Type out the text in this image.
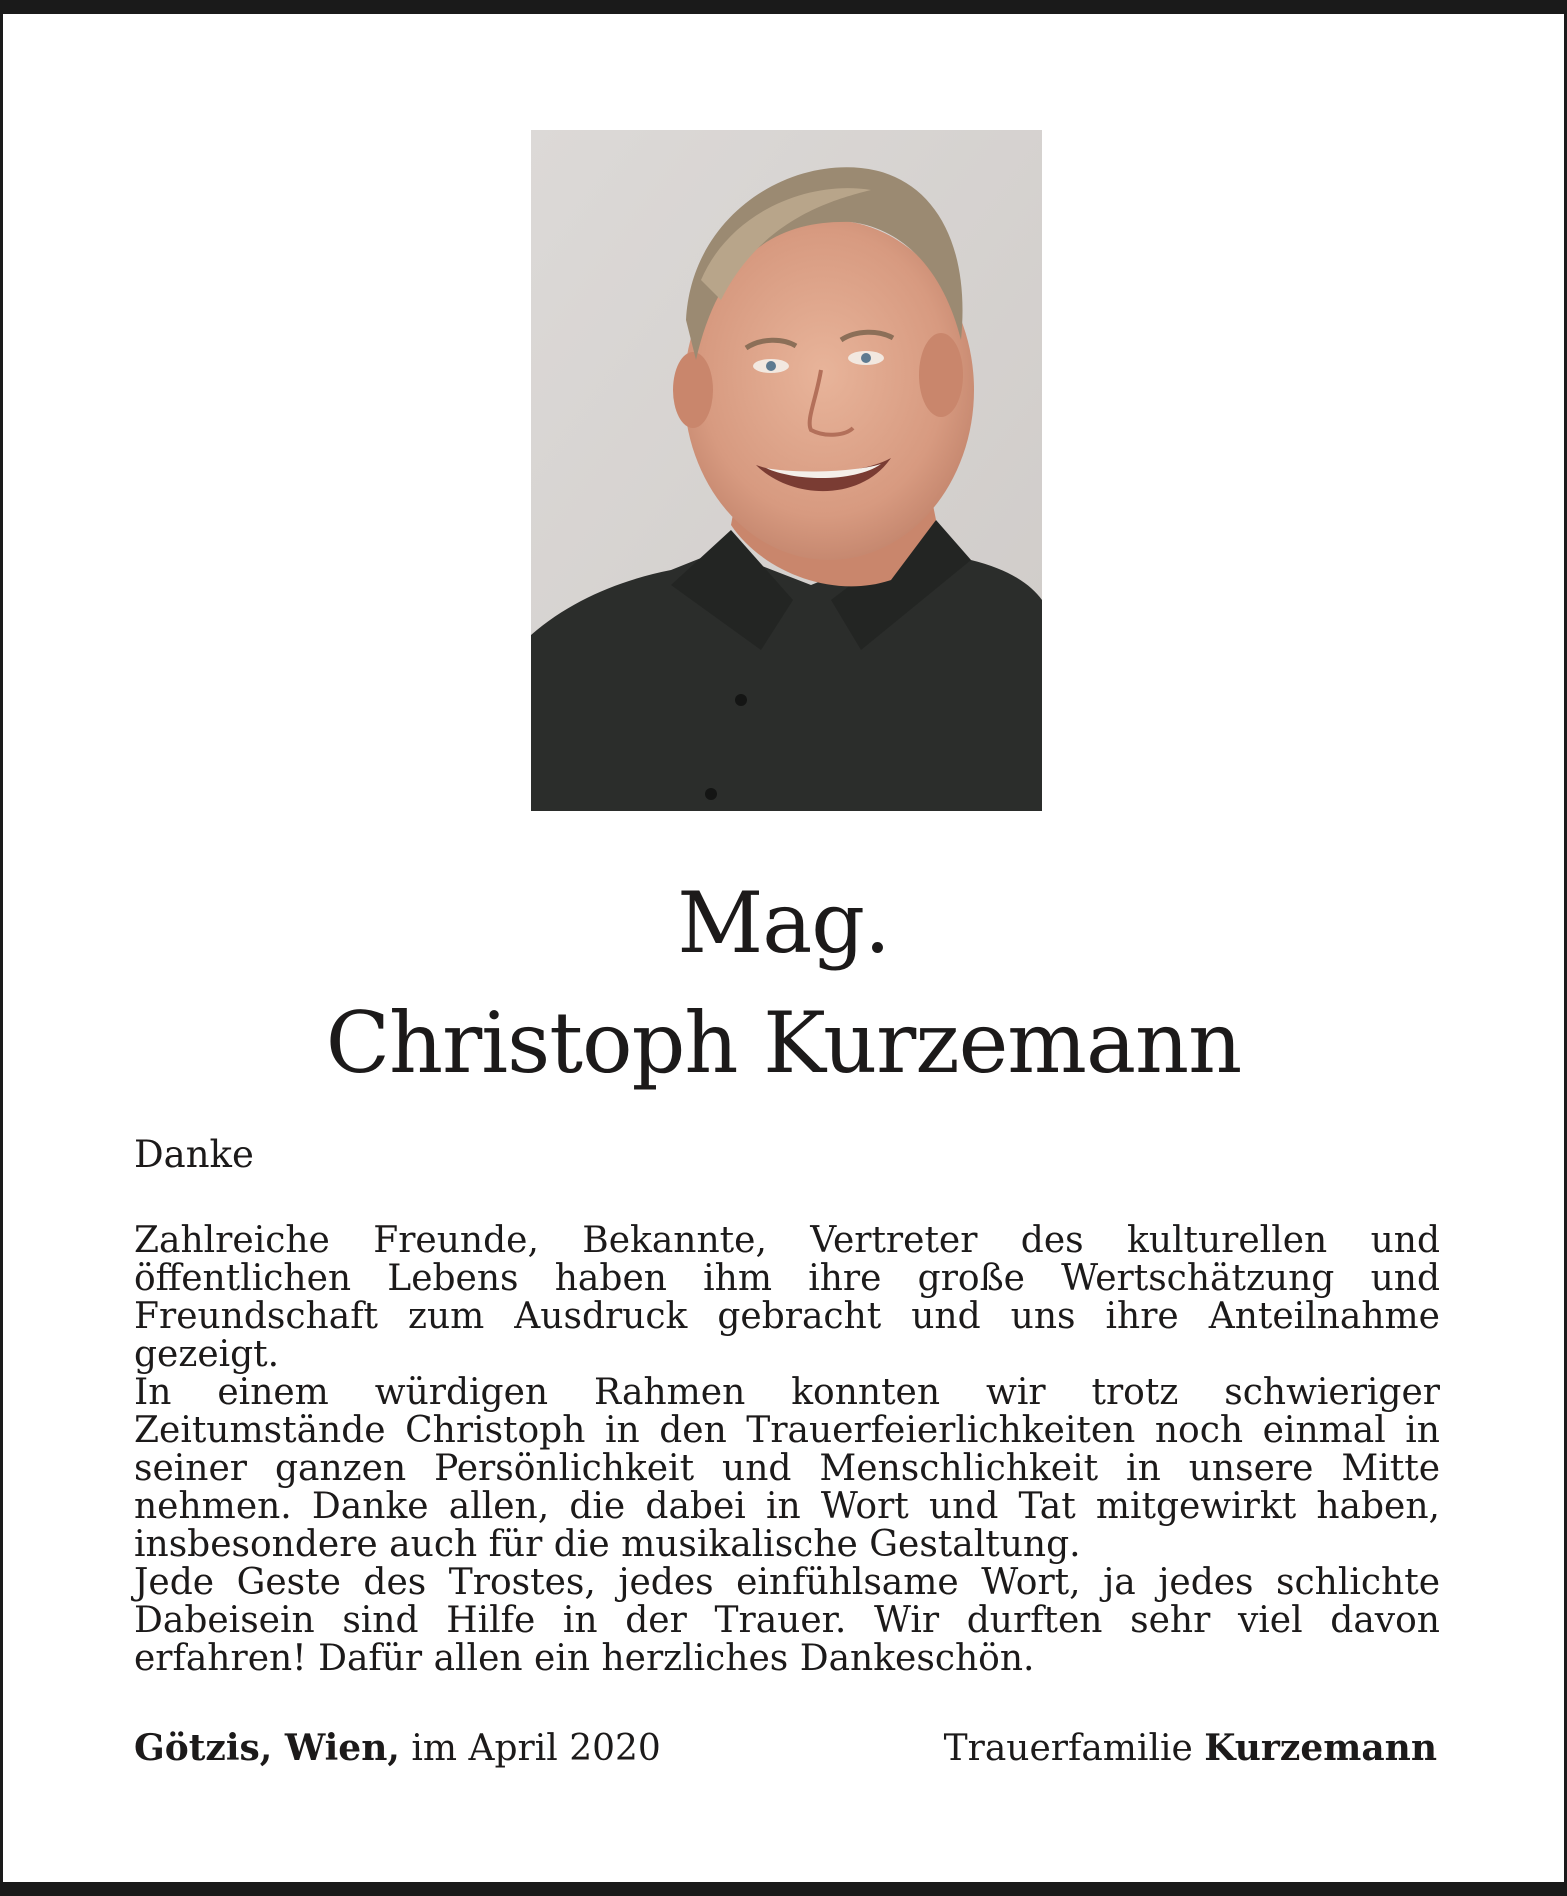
Mag.
Christoph Kurzemann
Danke

Zahlreiche Freunde, Bekannte, Vertreter des kulturellen und öffentlichen Lebens haben ihm ihre große Wertschätzung und Freundschaft zum Ausdruck gebracht und uns ihre Anteilnahme gezeigt.

In einem würdigen Rahmen konnten wir trotz schwieriger Zeitumstände Christoph in den Trauerfeierlichkeiten noch einmal in seiner ganzen Persönlichkeit und Menschlichkeit in unsere Mitte nehmen. Danke allen, die dabei in Wort und Tat mitgewirkt haben, insbesondere auch für die musikalische Gestaltung.

Jede Geste des Trostes, jedes einfühlsame Wort, ja jedes schlichte Dabeisein sind Hilfe in der Trauer. Wir durften sehr viel davon erfahren! Dafür allen ein herzliches Dankeschön.

Götzis, Wien, im April 2020	Trauerfamilie Kurzemann
